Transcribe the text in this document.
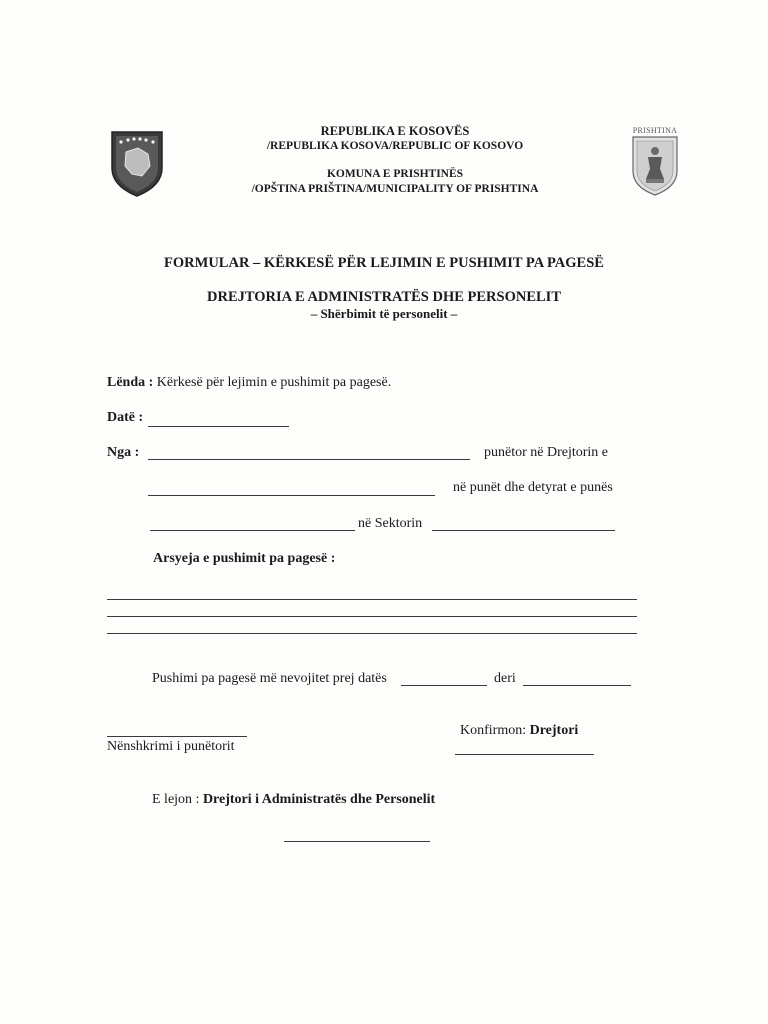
REPUBLIKA E KOSOVËS
/REPUBLIKA KOSOVA/REPUBLIC OF KOSOVO
KOMUNA E PRISHTINËS
/OPŠTINA PRIŠTINA/MUNICIPALITY OF PRISHTINA
PRISHTINA
FORMULAR – KËRKESË PËR LEJIMIN E PUSHIMIT PA PAGESË
DREJTORIA E ADMINISTRATËS DHE PERSONELIT
– Shërbimit të personelit –
Lënda : Kërkesë për lejimin e pushimit pa pagesë.
Datë :
Nga :	punëtor në Drejtorin e
në punët dhe detyrat e punës
në Sektorin
Arsyeja e pushimit pa pagesë :
Pushimi pa pagesë më nevojitet prej datës	deri
Nënshkrimi i punëtorit
Konfirmon: Drejtori
E lejon : Drejtori i Administratës dhe Personelit
